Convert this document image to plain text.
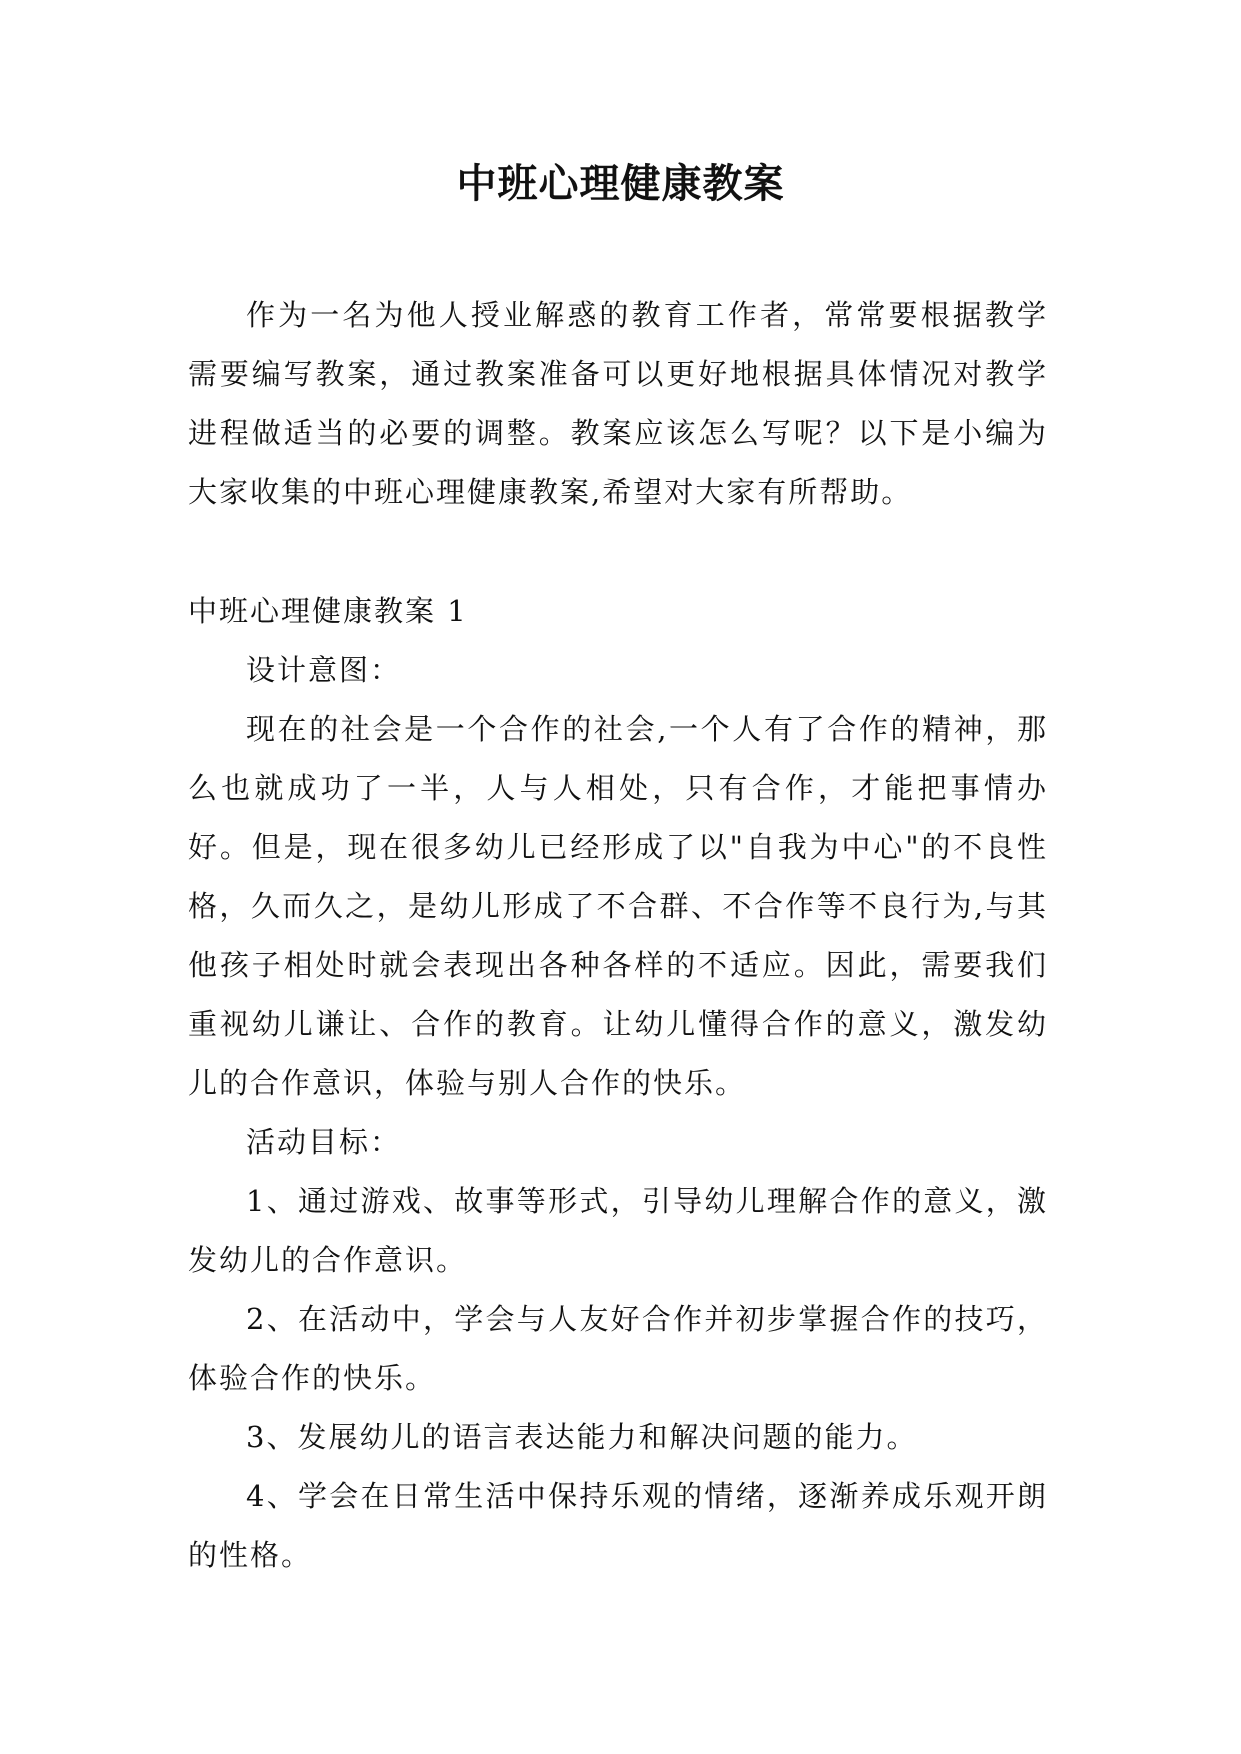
中班心理健康教案

作为一名为他人授业解惑的教育工作者，常常要根据教学需要编写教案，通过教案准备可以更好地根据具体情况对教学进程做适当的必要的调整。教案应该怎么写呢？以下是小编为大家收集的中班心理健康教案,希望对大家有所帮助。

中班心理健康教案 1

设计意图：

现在的社会是一个合作的社会,一个人有了合作的精神，那么也就成功了一半，人与人相处，只有合作，才能把事情办好。但是，现在很多幼儿已经形成了以"自我为中心"的不良性格，久而久之，是幼儿形成了不合群、不合作等不良行为,与其他孩子相处时就会表现出各种各样的不适应。因此，需要我们重视幼儿谦让、合作的教育。让幼儿懂得合作的意义，激发幼儿的合作意识，体验与别人合作的快乐。

活动目标：

1、通过游戏、故事等形式，引导幼儿理解合作的意义，激发幼儿的合作意识。

2、在活动中，学会与人友好合作并初步掌握合作的技巧，体验合作的快乐。

3、发展幼儿的语言表达能力和解决问题的能力。

4、学会在日常生活中保持乐观的情绪，逐渐养成乐观开朗的性格。
